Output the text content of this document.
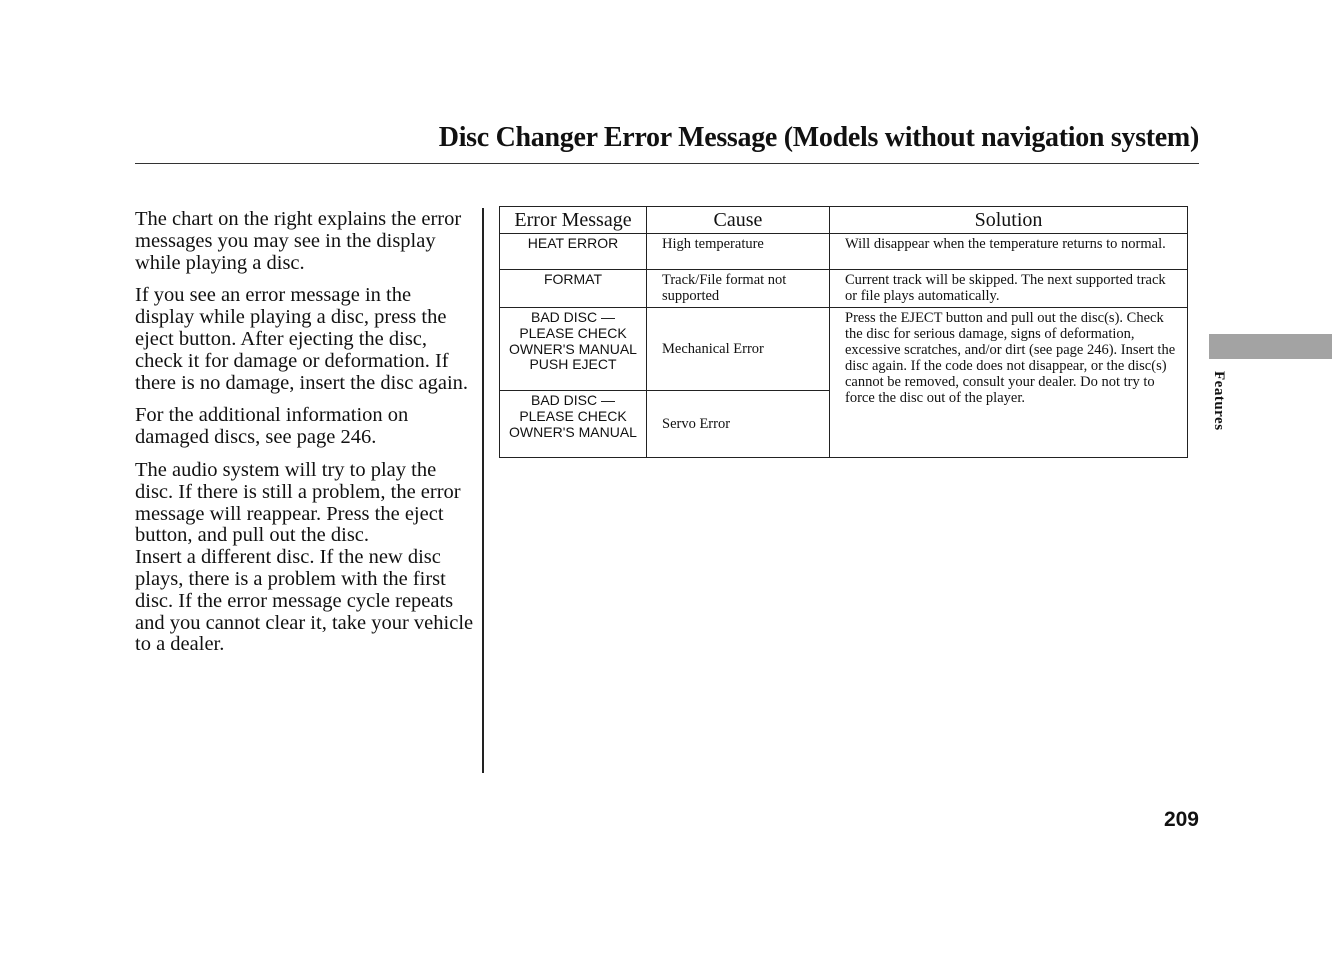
Disc Changer Error Message (Models without navigation system)

The chart on the right explains the error messages you may see in the display while playing a disc.

If you see an error message in the display while playing a disc, press the eject button. After ejecting the disc, check it for damage or deformation. If there is no damage, insert the disc again.

For the additional information on damaged discs, see page 246.

The audio system will try to play the disc. If there is still a problem, the error message will reappear. Press the eject button, and pull out the disc.

Insert a different disc. If the new disc plays, there is a problem with the first disc. If the error message cycle repeats and you cannot clear it, take your vehicle to a dealer.

Error Message	Cause	Solution
HEAT ERROR	High temperature	Will disappear when the temperature returns to normal.
FORMAT	Track/File format not supported	Current track will be skipped. The next supported track or file plays automatically.
BAD DISC — PLEASE CHECK OWNER'S MANUAL PUSH EJECT	Mechanical Error	Press the EJECT button and pull out the disc(s). Check the disc for serious damage, signs of deformation, excessive scratches, and/or dirt (see page 246). Insert the disc again. If the code does not disappear, or the disc(s) cannot be removed, consult your dealer. Do not try to force the disc out of the player.
BAD DISC — PLEASE CHECK OWNER'S MANUAL	Servo Error		Features
209
